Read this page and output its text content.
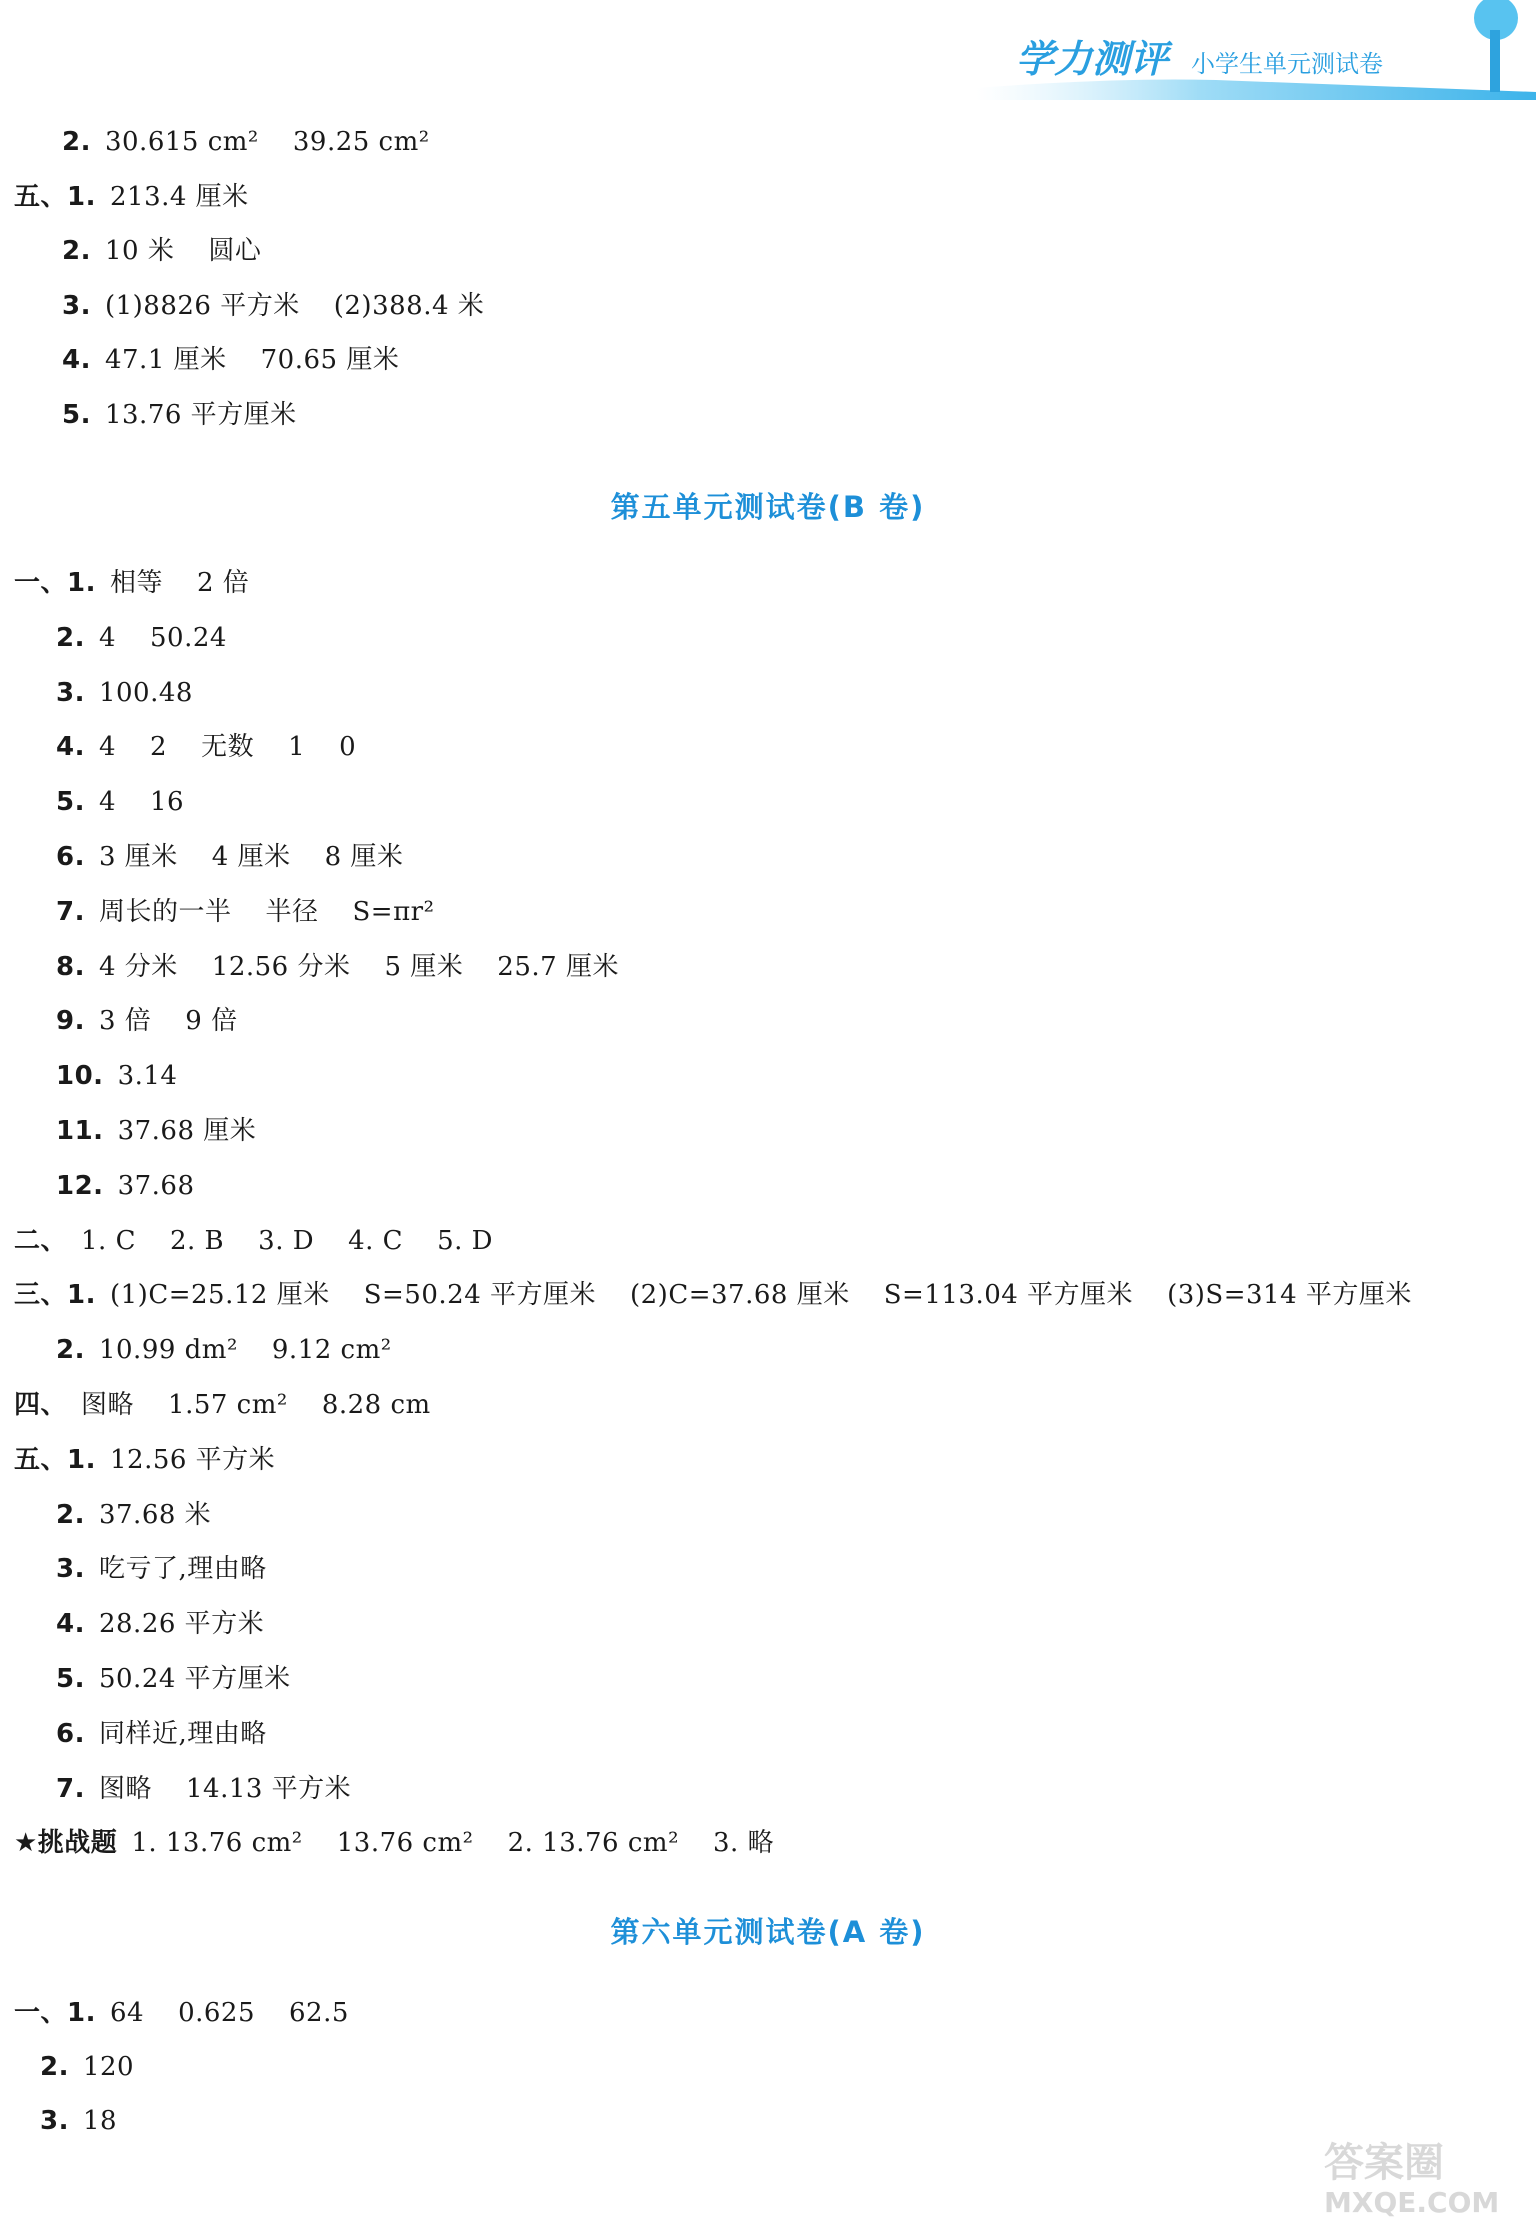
学力测评 小学生单元测试卷
2. 30.615 cm² 39.25 cm²
五、1. 213.4 厘米
2. 10 米 圆心
3. (1)8826 平方米 (2)388.4 米
4. 47.1 厘米 70.65 厘米
5. 13.76 平方厘米
第五单元测试卷(B 卷)
一、1. 相等 2 倍
2. 4 50.24
3. 100.48
4. 4 2 无数 1 0
5. 4 16
6. 3 厘米 4 厘米 8 厘米
7. 周长的一半 半径 S=πr²
8. 4 分米 12.56 分米 5 厘米 25.7 厘米
9. 3 倍 9 倍
10. 3.14
11. 37.68 厘米
12. 37.68
二、 1. C 2. B 3. D 4. C 5. D
三、1. (1)C=25.12 厘米 S=50.24 平方厘米 (2)C=37.68 厘米 S=113.04 平方厘米 (3)S=314 平方厘米
2. 10.99 dm² 9.12 cm²
四、 图略 1.57 cm² 8.28 cm
五、1. 12.56 平方米
2. 37.68 米
3. 吃亏了,理由略
4. 28.26 平方米
5. 50.24 平方厘米
6. 同样近,理由略
7. 图略 14.13 平方米
★挑战题 1. 13.76 cm² 13.76 cm² 2. 13.76 cm² 3. 略
第六单元测试卷(A 卷)
一、1. 64 0.625 62.5
2. 120
3. 18
答案圈
MXQE.COM
